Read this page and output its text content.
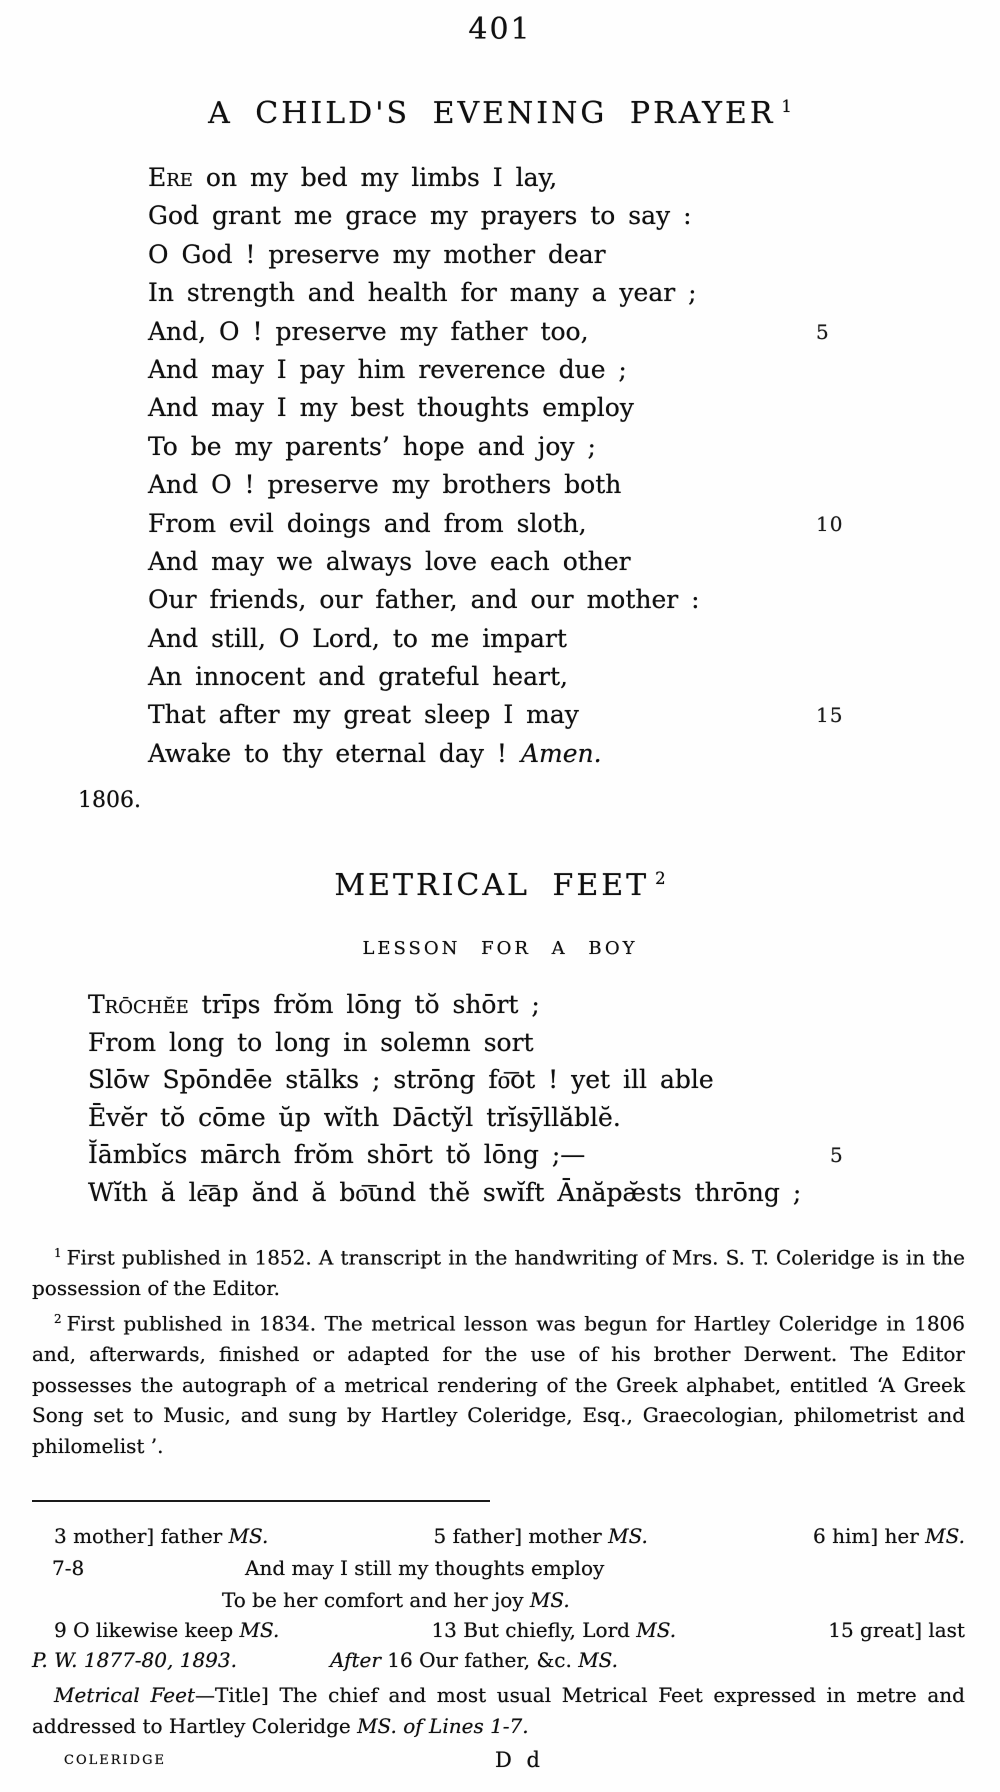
401
A CHILD'S EVENING PRAYER $^1$
Ere on my bed my limbs I lay,
God grant me grace my prayers to say :
O God ! preserve my mother dear
In strength and health for many a year ;
And, O ! preserve my father too,	5
And may I pay him reverence due ;
And may I my best thoughts employ
To be my parents’ hope and joy ;
And O ! preserve my brothers both
From evil doings and from sloth,	10
And may we always love each other
Our friends, our father, and our mother :
And still, O Lord, to me impart
An innocent and grateful heart,
That after my great sleep I may	15
Awake to thy eternal day ! Amen.
1806.
METRICAL FEET $^2$
LESSON FOR A BOY
Trōchĕe trīps frŏm lōng tŏ shōrt ;
From long to long in solemn sort
Slōw Spōndēe stālks ; strōng fo͞ot ! yet ill able
Ēvĕr tŏ cōme ŭp wĭth Dācty̆l trĭsȳllăblĕ.
Ĭāmbĭcs mārch frŏm shōrt tŏ lōng ;—	5
Wĭth ă le͞ap ănd ă bo͞und thĕ swĭft Ānăpæ̆sts thrōng ;

$^1$ First published in 1852. A transcript in the handwriting of Mrs. S. T. Coleridge is in the possession of the Editor.

$^2$ First published in 1834. The metrical lesson was begun for Hartley Coleridge in 1806 and, afterwards, finished or adapted for the use of his brother Derwent. The Editor possesses the autograph of a metrical rendering of the Greek alphabet, entitled ‘A Greek Song set to Music, and sung by Hartley Coleridge, Esq., Graecologian, philometrist and philomelist ’.

3 mother] father MS.	5 father] mother MS.	6 him] her MS.
7-8	And may I still my thoughts employ
To be her comfort and her joy MS.
9 O likewise keep MS.	13 But chiefly, Lord MS.	15 great] last
P. W. 1877-80, 1893.	After 16 Our father, &c. MS.
Metrical Feet—Title] The chief and most usual Metrical Feet expressed in metre and addressed to Hartley Coleridge MS. of Lines 1-7.
COLERIDGE	D d
